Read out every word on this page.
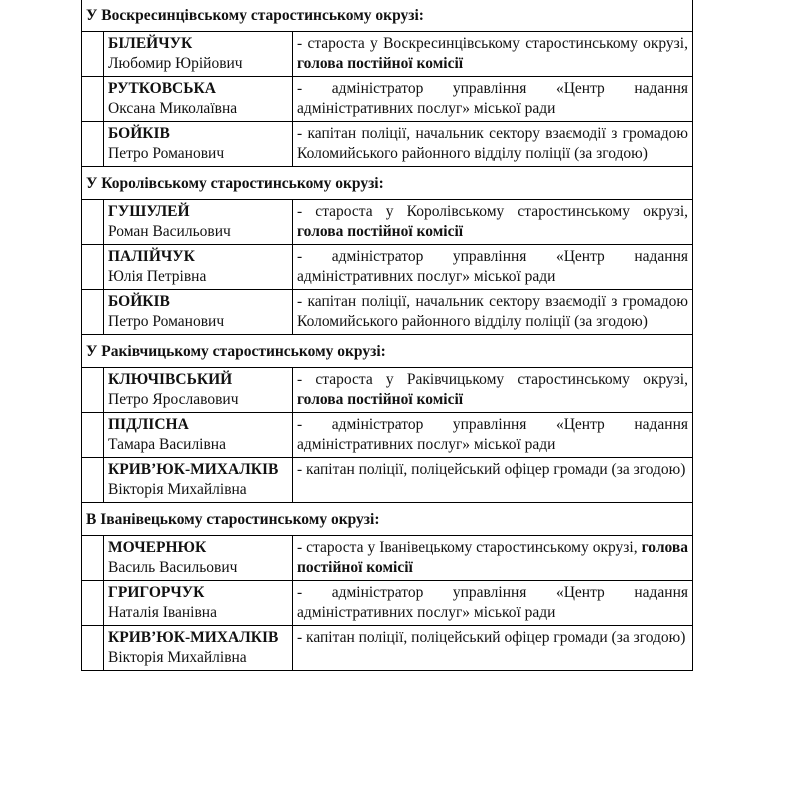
У Воскресинцівському старостинському окрузі:		

	БІЛЕЙЧУК
Любомир Юрійович	- староста у Воскресинцівському старостинському окрузі, голова постійної комісії

	РУТКОВСЬКА
Оксана Миколаївна	- адміністратор управління «Центр надання адміністративних послуг» міської ради

	БОЙКІВ
Петро Романович	- капітан поліції, начальник сектору взаємодії з громадою Коломийського районного відділу поліції (за згодою)
У Королівському старостинському окрузі:		

	ГУШУЛЕЙ
Роман Васильович	- староста у Королівському старостинському окрузі, голова постійної комісії

	ПАЛІЙЧУК
Юлія Петрівна	- адміністратор управління «Центр надання адміністративних послуг» міської ради

	БОЙКІВ
Петро Романович	- капітан поліції, начальник сектору взаємодії з громадою Коломийського районного відділу поліції (за згодою)
У Раківчицькому старостинському окрузі:		

	КЛЮЧІВСЬКИЙ
Петро Ярославович	- староста у Раківчицькому старостинському окрузі, голова постійної комісії

	ПІДЛІСНА
Тамара Василівна	- адміністратор управління «Центр надання адміністративних послуг» міської ради

	КРИВ’ЮК-МИХАЛКІВ
Вікторія Михайлівна	- капітан поліції, поліцейський офіцер громади (за згодою)
В Іванівецькому старостинському окрузі:		

	МОЧЕРНЮК
Василь Васильович	- староста у Іванівецькому старостинському окрузі, голова постійної комісії

	ГРИГОРЧУК
Наталія Іванівна	- адміністратор управління «Центр надання адміністративних послуг» міської ради

	КРИВ’ЮК-МИХАЛКІВ
Вікторія Михайлівна	- капітан поліції, поліцейський офіцер громади (за згодою)
